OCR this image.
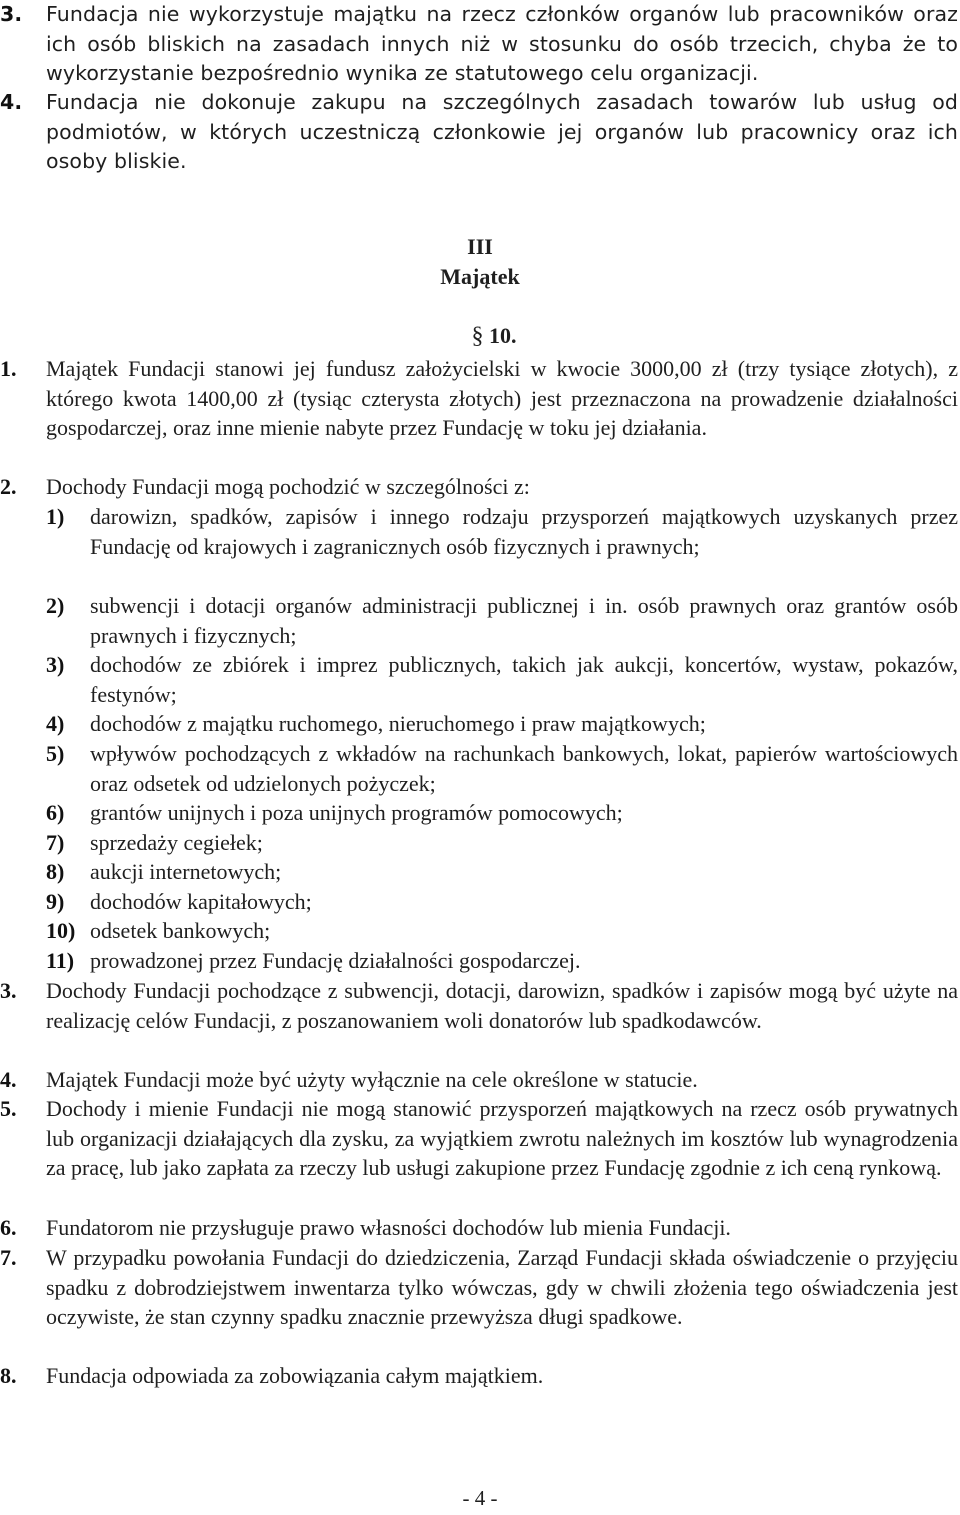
3.	Fundacja nie wykorzystuje majątku na rzecz członków organów lub pracowników oraz ich osób bliskich na zasadach innych niż w stosunku do osób trzecich, chyba że to wykorzystanie bezpośrednio wynika ze statutowego celu organizacji.

4.	Fundacja nie dokonuje zakupu na szczególnych zasadach towarów lub usług od podmiotów, w których uczestniczą członkowie jej organów lub pracownicy oraz ich osoby bliskie.

III
Majątek
§ 10.
1.	Majątek Fundacji stanowi jej fundusz założycielski w kwocie 3000,00 zł (trzy tysiące złotych), z którego kwota 1400,00 zł (tysiąc czterysta złotych) jest przeznaczona na prowadzenie działalności gospodarczej, oraz inne mienie nabyte przez Fundację w toku jej działania.

2.	Dochody Fundacji mogą pochodzić w szczególności z:

1)	darowizn, spadków, zapisów i innego rodzaju przysporzeń majątkowych uzyskanych przez Fundację od krajowych i zagranicznych osób fizycznych i prawnych;

2)	subwencji i dotacji organów administracji publicznej i in. osób prawnych oraz grantów osób prawnych i fizycznych;

3)	dochodów ze zbiórek i imprez publicznych, takich jak aukcji, koncertów, wystaw, pokazów, festynów;

4)	dochodów z majątku ruchomego, nieruchomego i praw majątkowych;

5)	wpływów pochodzących z wkładów na rachunkach bankowych, lokat, papierów wartościowych oraz odsetek od udzielonych pożyczek;

6)	grantów unijnych i poza unijnych programów pomocowych;

7)	sprzedaży cegiełek;

8)	aukcji internetowych;

9)	dochodów kapitałowych;

10) odsetek bankowych;

11) prowadzonej przez Fundację działalności gospodarczej.

3.	Dochody Fundacji pochodzące z subwencji, dotacji, darowizn, spadków i zapisów mogą być użyte na realizację celów Fundacji, z poszanowaniem woli donatorów lub spadkodawców.

4.	Majątek Fundacji może być użyty wyłącznie na cele określone w statucie.

5.	Dochody i mienie Fundacji nie mogą stanowić przysporzeń majątkowych na rzecz osób prywatnych lub organizacji działających dla zysku, za wyjątkiem zwrotu należnych im kosztów lub wynagrodzenia za pracę, lub jako zapłata za rzeczy lub usługi zakupione przez Fundację zgodnie z ich ceną rynkową.

6.	Fundatorom nie przysługuje prawo własności dochodów lub mienia Fundacji.

7.	W przypadku powołania Fundacji do dziedziczenia, Zarząd Fundacji składa oświadczenie o przyjęciu spadku z dobrodziejstwem inwentarza tylko wówczas, gdy w chwili złożenia tego oświadczenia jest oczywiste, że stan czynny spadku znacznie przewyższa długi spadkowe.

8.	Fundacja odpowiada za zobowiązania całym majątkiem.

- 4 -
